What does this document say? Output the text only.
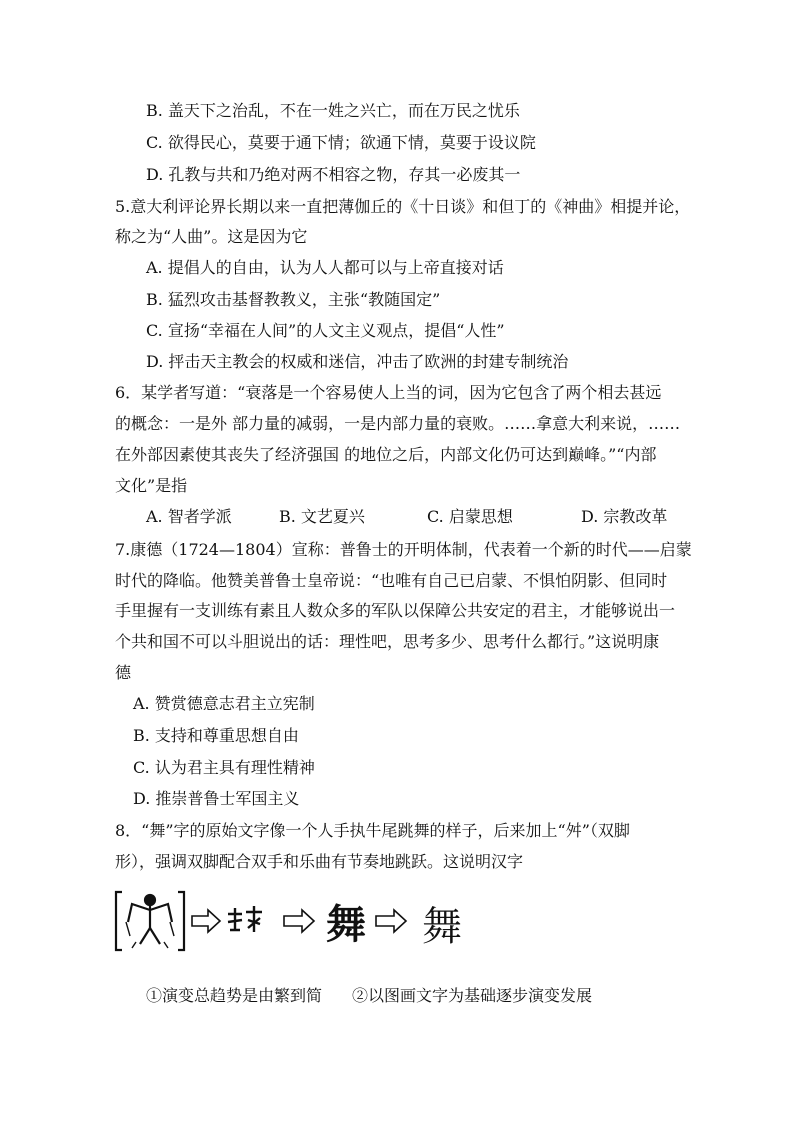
B. 盖天下之治乱，不在一姓之兴亡，而在万民之忧乐
C. 欲得民心，莫要于通下情；欲通下情，莫要于设议院
D. 孔教与共和乃绝对两不相容之物，存其一必废其一
5.意大利评论界长期以来一直把薄伽丘的《十日谈》和但丁的《神曲》相提并论，
称之为“人曲”。这是因为它
A. 提倡人的自由，认为人人都可以与上帝直接对话
B. 猛烈攻击基督教教义，主张“教随国定”
C. 宣扬“幸福在人间”的人文主义观点，提倡“人性”
D. 抨击天主教会的权威和迷信，冲击了欧洲的封建专制统治
6．某学者写道：“衰落是一个容易使人上当的词，因为它包含了两个相去甚远
的概念：一是外 部力量的减弱，一是内部力量的衰败。……拿意大利来说，……
在外部因素使其丧失了经济强国 的地位之后，内部文化仍可达到巅峰。”“内部
文化”是指
A. 智者学派	B. 文艺夏兴	C. 启蒙思想	D. 宗教改革
7.康德（1724—1804）宣称：普鲁士的开明体制，代表着一个新的时代——启蒙
时代的降临。他赞美普鲁士皇帝说：“也唯有自己已启蒙、不惧怕阴影、但同时
手里握有一支训练有素且人数众多的军队以保障公共安定的君主，才能够说出一
个共和国不可以斗胆说出的话：理性吧，思考多少、思考什么都行。”这说明康
德
A. 赞赏德意志君主立宪制
B. 支持和尊重思想自由
C. 认为君主具有理性精神
D. 推崇普鲁士军国主义
8．“舞”字的原始文字像一个人手执牛尾跳舞的样子，后来加上“舛”（双脚
形），强调双脚配合双手和乐曲有节奏地跳跃。这说明汉字
舞 舞
①演变总趋势是由繁到简 ②以图画文字为基础逐步演变发展
